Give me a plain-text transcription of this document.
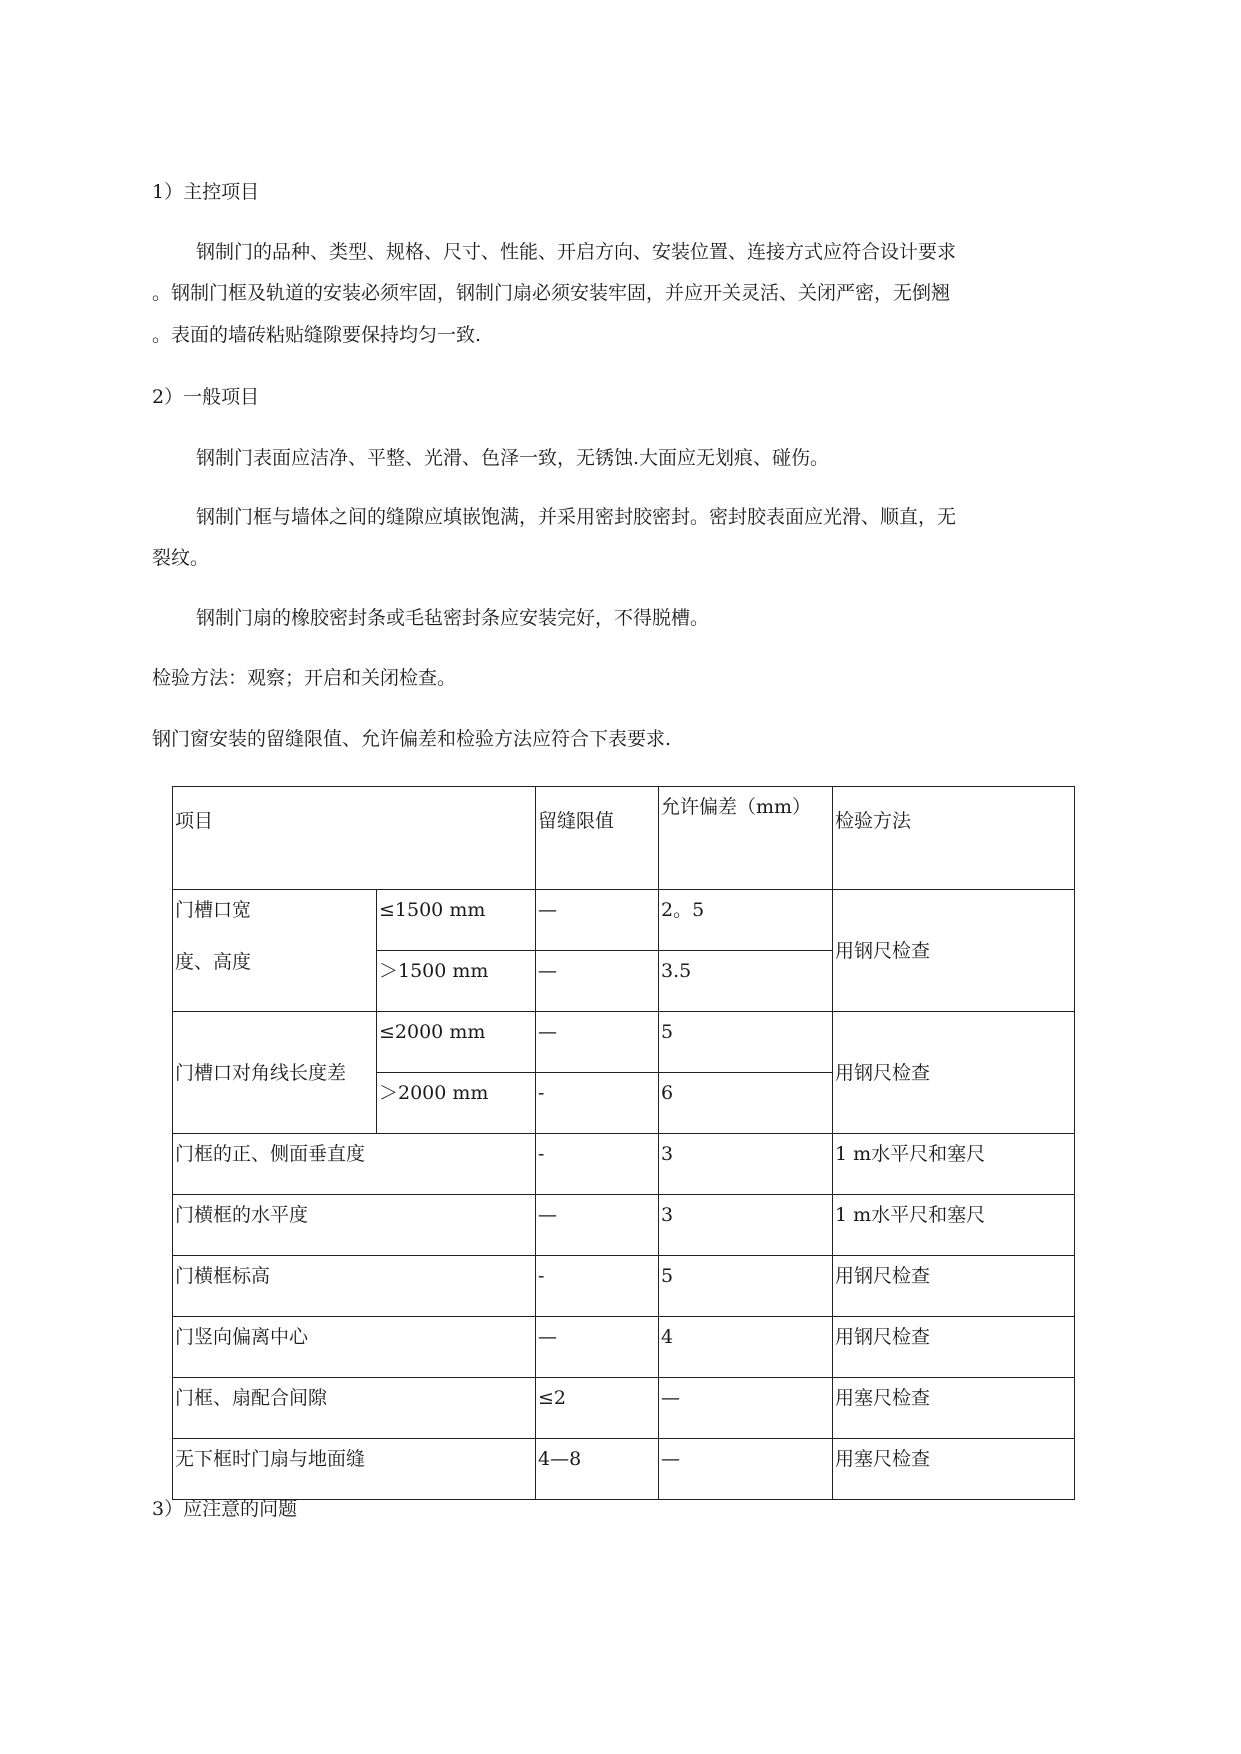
1）主控项目
钢制门的品种、类型、规格、尺寸、性能、开启方向、安装位置、连接方式应符合设计要求
。钢制门框及轨道的安装必须牢固，钢制门扇必须安装牢固，并应开关灵活、关闭严密，无倒翘
。表面的墙砖粘贴缝隙要保持均匀一致.
2）一般项目
钢制门表面应洁净、平整、光滑、色泽一致，无锈蚀.大面应无划痕、碰伤。
钢制门框与墙体之间的缝隙应填嵌饱满，并采用密封胶密封。密封胶表面应光滑、顺直，无
裂纹。
钢制门扇的橡胶密封条或毛毡密封条应安装完好，不得脱槽。
检验方法：观察；开启和关闭检查。
钢门窗安装的留缝限值、允许偏差和检验方法应符合下表要求.
项目		留缝限值	允许偏差（mm）	检验方法
门槽口宽

度、高度	≤1500 mm	—	2。5	用钢尺检查
	＞1500 mm	—	3.5	
门槽口对角线长度差	≤2000 mm	—	5	用钢尺检查
	＞2000 mm	-	6	
门框的正、侧面垂直度		-	3	1 m水平尺和塞尺
门横框的水平度		—	3	1 m水平尺和塞尺
门横框标高		-	5	用钢尺检查
门竖向偏离中心		—	4	用钢尺检查
门框、扇配合间隙		≤2	—	用塞尺检查
无下框时门扇与地面缝		4—8	—	用塞尺检查
3）应注意的问题
